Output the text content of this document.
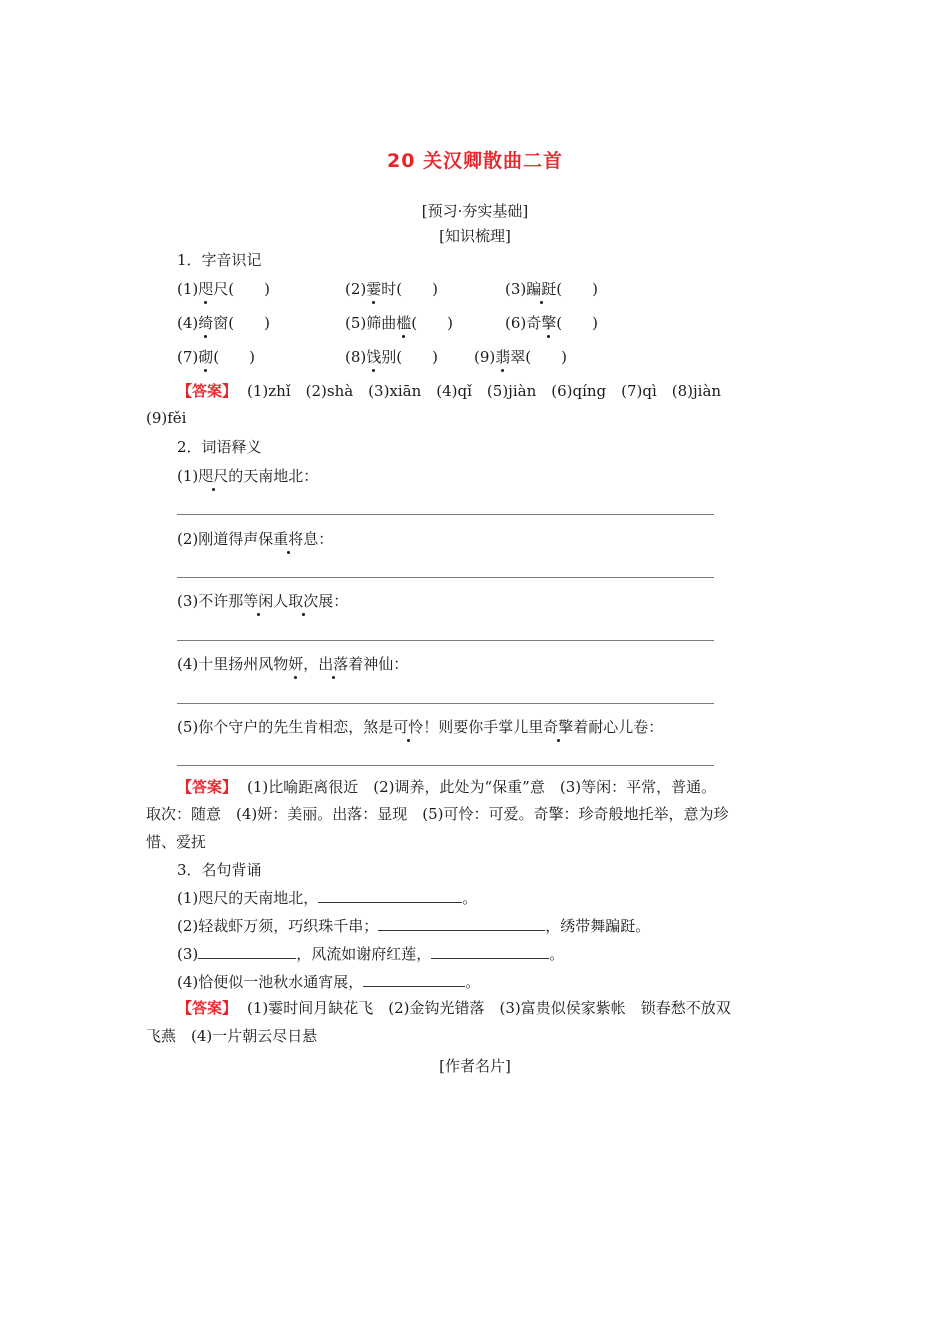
20 关汉卿散曲二首
[预习·夯实基础]
[知识梳理]
1．字音识记
(1)咫尺(　　)	(2)霎时(　　)	(3)蹁跹(　　)
(4)绮窗(　　)	(5)筛曲槛(　　)	(6)奇擎(　　)
(7)砌(　　)	(8)饯别(　　) (9)翡翠(　　)
【答案】 (1)zhǐ　(2)shà　(3)xiān　(4)qǐ　(5)jiàn　(6)qíng　(7)qì　(8)jiàn
(9)fěi
2．词语释义
(1)咫尺的天南地北：
(2)刚道得声保重将息：
(3)不许那等闲人取次展：
(4)十里扬州风物妍，出落着神仙：
(5)你个守户的先生肯相恋，煞是可怜！则要你手掌儿里奇擎着耐心儿卷：
【答案】 (1)比喻距离很近　(2)调养，此处为“保重”意　(3)等闲：平常，普通。
取次：随意　(4)妍：美丽。出落：显现　(5)可怜：可爱。奇擎：珍奇般地托举，意为珍
惜、爱抚
3．名句背诵
(1)咫尺的天南地北，	。
(2)轻裁虾万须，巧织珠千串；	，绣带舞蹁跹。
(3)	，风流如谢府红莲，	。
(4)恰便似一池秋水通宵展，	。
【答案】 (1)霎时间月缺花飞　(2)金钩光错落　(3)富贵似侯家紫帐　锁春愁不放双
飞燕　(4)一片朝云尽日悬
[作者名片]
